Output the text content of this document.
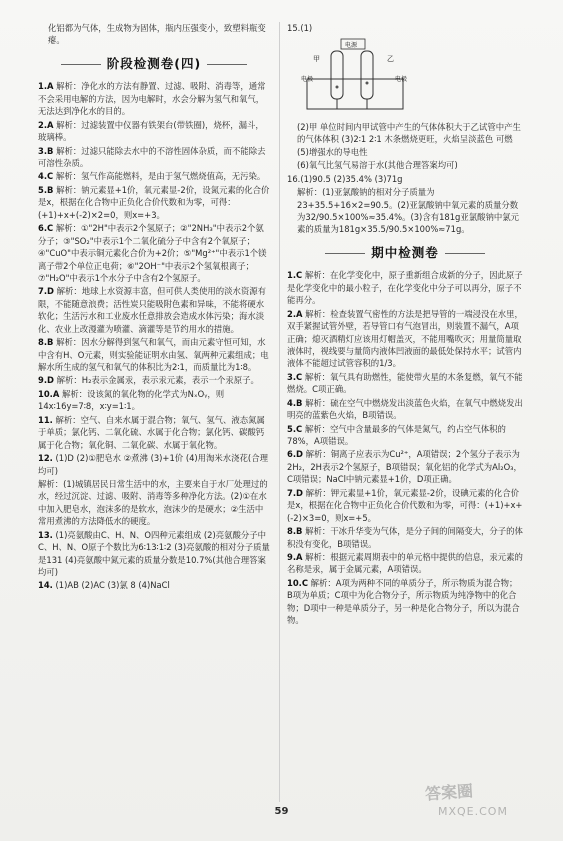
化铝都为气体，生成物为固体，瓶内压强变小，致塑料瓶变瘪。

阶段检测卷(四)

1.A 解析：净化水的方法有静置、过滤、吸附、消毒等，通常不会采用电解的方法，因为电解时，水会分解为氢气和氧气，无法达到净化水的目的。

2.A 解析：过滤装置中仪器有铁架台(带铁圈)，烧杯，漏斗，玻璃棒。

3.B 解析：过滤只能除去水中的不溶性固体杂质，而不能除去可溶性杂质。

4.C 解析：氢气作高能燃料，是由于氢气燃烧值高，无污染。

5.B 解析：钠元素显+1价，氧元素显-2价，设氮元素的化合价是x，根据在化合物中正负化合价代数和为零，可得：(+1)+x+(-2)×2=0，则x=+3。

6.C 解析：①"2H"中表示2个氢原子；②"2NH₃"中表示2个氨分子；③"SO₂"中表示1个二氧化硫分子中含有2个氧原子；④"CuO"中表示铜元素化合价为+2价；⑤"Mg²⁺"中表示1个镁离子带2个单位正电荷；⑥"2OH⁻"中表示2个氢氧根离子；⑦"H₂O"中表示1个水分子中含有2个氢原子。

7.D 解析：地球上水资源丰富，但可供人类使用的淡水资源有限，不能随意浪费；活性炭只能吸附色素和异味，不能将硬水软化；生活污水和工业废水任意排放会造成水体污染；海水淡化、农业上改漫灌为喷灌、滴灌等是节约用水的措施。

8.B 解析：因水分解得到氢气和氧气，而由元素守恒可知，水中含有H、O元素，则实验能证明水由氢、氧两种元素组成；电解水所生成的氢气和氧气的体积比为2∶1，而质量比为1∶8。

9.D 解析：H₂表示金属汞，表示汞元素，表示一个汞原子。

10.A 解析：设该氮的氧化物的化学式为NₓOᵧ，则14x∶16y=7∶8，x∶y=1∶1。

11. 解析：空气、自来水属于混合物；氧气、氢气、液态氮属于单质；氯化钙、二氧化硫、水属于化合物；氯化钙、碳酸钙属于化合物；氧化铜、二氧化碳、水属于氧化物。

12. (1)D (2)①肥皂水 ②煮沸 (3)+1价 (4)用淘米水浇花(合理均可)

解析：(1)城镇居民日常生活中的水，主要来自于水厂处理过的水，经过沉淀、过滤、吸附、消毒等多种净化方法。(2)①在水中加入肥皂水，泡沫多的是软水，泡沫少的是硬水；②生活中常用煮沸的方法降低水的硬度。

13. (1)亮氨酸由C、H、N、O四种元素组成 (2)亮氨酸分子中C、H、N、O原子个数比为6∶13∶1∶2 (3)亮氨酸的相对分子质量是131 (4)亮氨酸中氮元素的质量分数是10.7%(其他合理答案均可)

14. (1)AB (2)AC (3)氯 8 (4)NaCl

15.(1)

甲	乙
电源
电极	电极

(2)甲 单位时间内甲试管中产生的气体体积大于乙试管中产生的气体体积 (3)2∶1 2∶1 木条燃烧更旺，火焰呈淡蓝色 可燃 (5)增强水的导电性

(6)氧气比氢气易溶于水(其他合理答案均可)

16.(1)90.5 (2)35.4% (3)71g

解析：(1)亚氯酸钠的相对分子质量为23+35.5+16×2=90.5。(2)亚氯酸钠中氧元素的质量分数为32/90.5×100%≈35.4%。(3)含有181g亚氯酸钠中氯元素的质量为181g×35.5/90.5×100%≈71g。

期中检测卷

1.C 解析：在化学变化中，原子重新组合成新的分子，因此原子是化学变化中的最小粒子，在化学变化中分子可以再分，原子不能再分。

2.A 解析：检查装置气密性的方法是把导管的一端浸没在水里，双手紧握试管外壁，若导管口有气泡冒出，则装置不漏气，A项正确；熄灭酒精灯应该用灯帽盖灭，不能用嘴吹灭；用量筒量取液体时，视线要与量筒内液体凹液面的最低处保持水平；试管内液体不能超过试管容积的1/3。

3.C 解析：氧气具有助燃性，能使带火星的木条复燃，氧气不能燃烧。C项正确。

4.B 解析：硫在空气中燃烧发出淡蓝色火焰，在氧气中燃烧发出明亮的蓝紫色火焰，B项错误。

5.C 解析：空气中含量最多的气体是氮气，约占空气体积的78%，A项错误。

6.D 解析：铜离子应表示为Cu²⁺，A项错误；2个氢分子表示为2H₂，2H表示2个氢原子，B项错误；氧化铝的化学式为Al₂O₃，C项错误；NaCl中钠元素显+1价，D项正确。

7.D 解析：钾元素显+1价，氧元素显-2价，设碘元素的化合价是x，根据在化合物中正负化合价代数和为零，可得：(+1)+x+(-2)×3=0，则x=+5。

8.B 解析：干冰升华变为气体，是分子间的间隔变大，分子的体积没有变化，B项错误。

9.A 解析：根据元素周期表中的单元格中提供的信息，汞元素的名称是汞，属于金属元素，A项错误。

10.C 解析：A项为两种不同的单质分子，所示物质为混合物；B项为单质；C项中为化合物分子，所示物质为纯净物中的化合物；D项中一种是单质分子，另一种是化合物分子，所以为混合物。

59
答案圈
MXQE.COM
